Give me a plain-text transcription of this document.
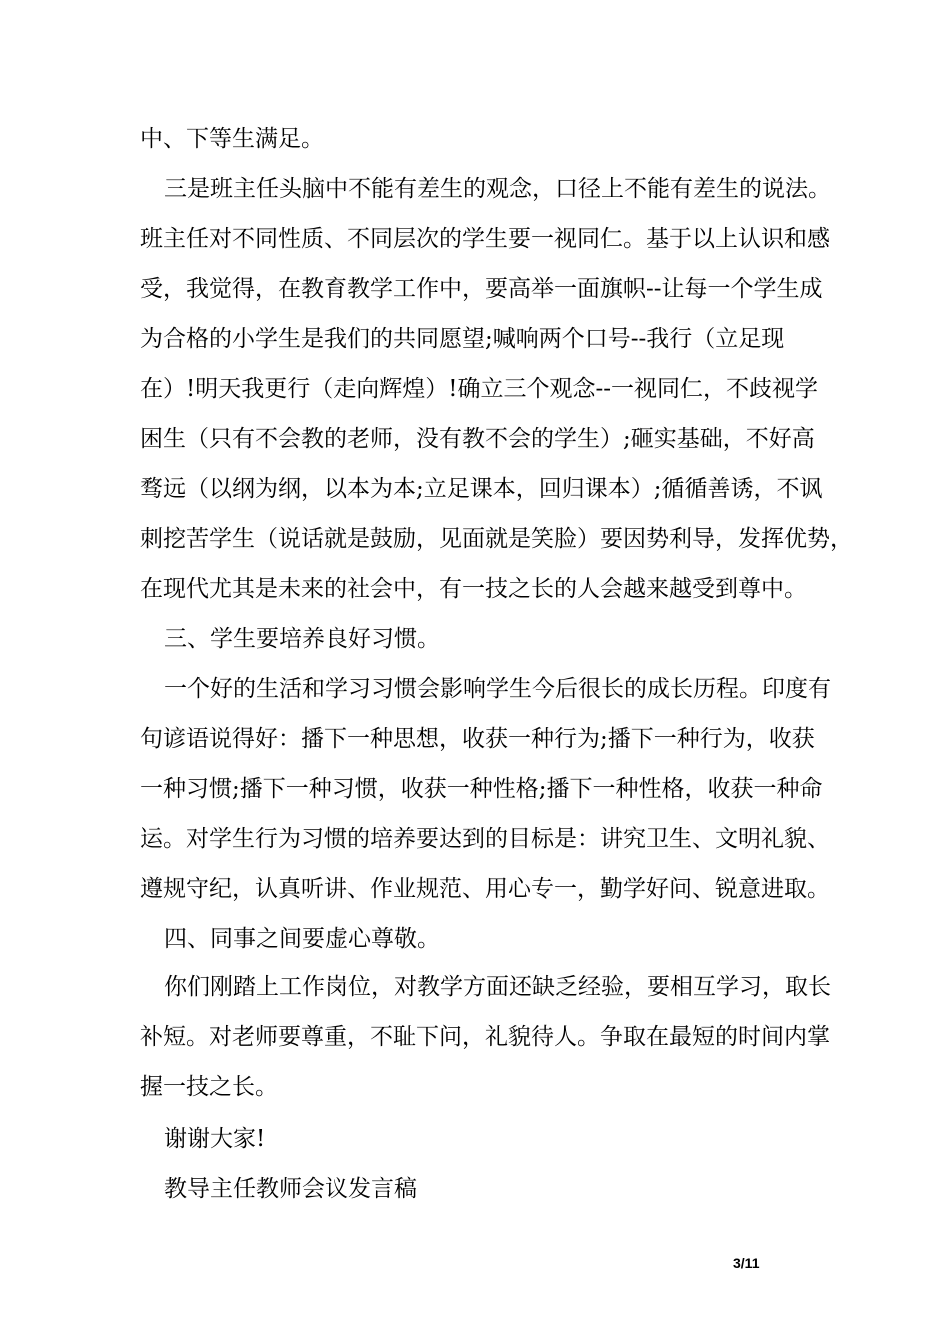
中、下等生满足。
三是班主任头脑中不能有差生的观念，口径上不能有差生的说法。
班主任对不同性质、不同层次的学生要一视同仁。基于以上认识和感
受，我觉得，在教育教学工作中，要高举一面旗帜--让每一个学生成
为合格的小学生是我们的共同愿望;喊响两个口号--我行（立足现
在）!明天我更行（走向辉煌）!确立三个观念--一视同仁，不歧视学
困生（只有不会教的老师，没有教不会的学生）;砸实基础，不好高
骛远（以纲为纲，以本为本;立足课本，回归课本）;循循善诱，不讽
刺挖苦学生（说话就是鼓励，见面就是笑脸）要因势利导，发挥优势，
在现代尤其是未来的社会中，有一技之长的人会越来越受到尊中。
三、学生要培养良好习惯。
一个好的生活和学习习惯会影响学生今后很长的成长历程。印度有
句谚语说得好：播下一种思想，收获一种行为;播下一种行为，收获
一种习惯;播下一种习惯，收获一种性格;播下一种性格，收获一种命
运。对学生行为习惯的培养要达到的目标是：讲究卫生、文明礼貌、
遵规守纪，认真听讲、作业规范、用心专一，勤学好问、锐意进取。
四、同事之间要虚心尊敬。
你们刚踏上工作岗位，对教学方面还缺乏经验，要相互学习，取长
补短。对老师要尊重，不耻下问，礼貌待人。争取在最短的时间内掌
握一技之长。
谢谢大家!
教导主任教师会议发言稿
3/11
